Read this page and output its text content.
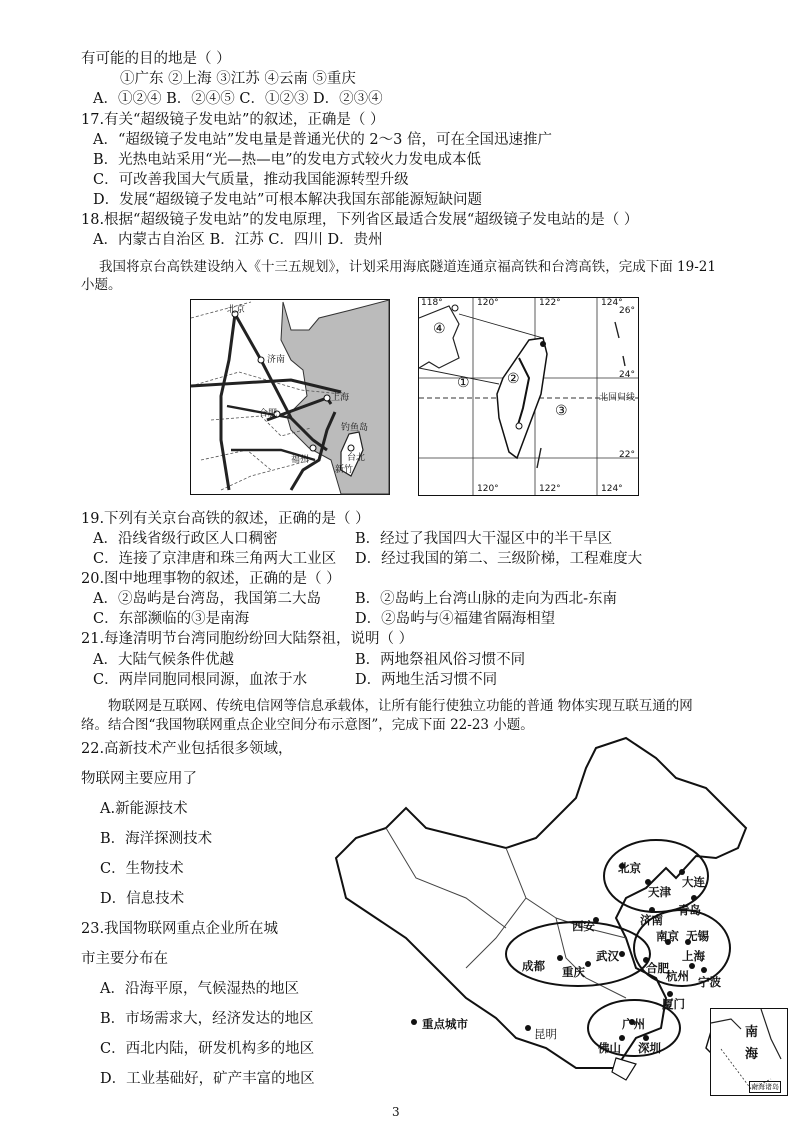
有可能的目的地是（ ）
①广东 ②上海 ③江苏 ④云南 ⑤重庆
A．①②④ B．②④⑤ C．①②③ D．②③④
17.有关“超级镜子发电站”的叙述，正确是（ ）
A．“超级镜子发电站”发电量是普通光伏的 2～3 倍，可在全国迅速推广
B．光热电站采用“光—热—电”的发电方式较火力发电成本低
C．可改善我国大气质量，推动我国能源转型升级
D．发展“超级镜子发电站”可根本解决我国东部能源短缺问题
18.根据“超级镜子发电站”的发电原理，下列省区最适合发展“超级镜子发电站的是（ ）
A．内蒙古自治区 B．江苏 C．四川 D．贵州
我国将京台高铁建设纳入《十三五规划》，计划采用海底隧道连通京福高铁和台湾高铁，完成下面 19-21
小题。
北京
济南
上海
合肥
福州
钓鱼岛
台北
新竹
118°	120°	122°	124°
26°
24°
北回归线
22°
120°	122°	124°
①	②
③
④
19.下列有关京台高铁的叙述，正确的是（ ）
A．沿线省级行政区人口稠密	B．经过了我国四大干湿区中的半干旱区
C．连接了京津唐和珠三角两大工业区 D．经过我国的第二、三级阶梯，工程难度大
20.图中地理事物的叙述，正确的是（ ）
A．②岛屿是台湾岛，我国第二大岛 B．②岛屿上台湾山脉的走向为西北-东南
C．东部濒临的③是南海	D．②岛屿与④福建省隔海相望
21.每逢清明节台湾同胞纷纷回大陆祭祖，说明（ ）
A．大陆气候条件优越	B．两地祭祖风俗习惯不同
C．两岸同胞同根同源，血浓于水	D．两地生活习惯不同
物联网是互联网、传统电信网等信息承载体，让所有能行使独立功能的普通 物体实现互联互通的网
络。结合图“我国物联网重点企业空间分布示意图”，完成下面 22-23 小题。
22.高新技术产业包括很多领域，
物联网主要应用了
A.新能源技术
B．海洋探测技术
C．生物技术
D．信息技术
23.我国物联网重点企业所在城
市主要分布在
A．沿海平原，气候湿热的地区
B．市场需求大，经济发达的地区
C．西北内陆，研发机构多的地区
D．工业基础好，矿产丰富的地区
北京
天津
大连
济南
青岛
西安
南京 无锡
成都 重庆
武汉
合肥
上海
杭州 宁波
厦门
昆明
广州
佛山 深圳
重点城市
南
海
南海诸岛
3
